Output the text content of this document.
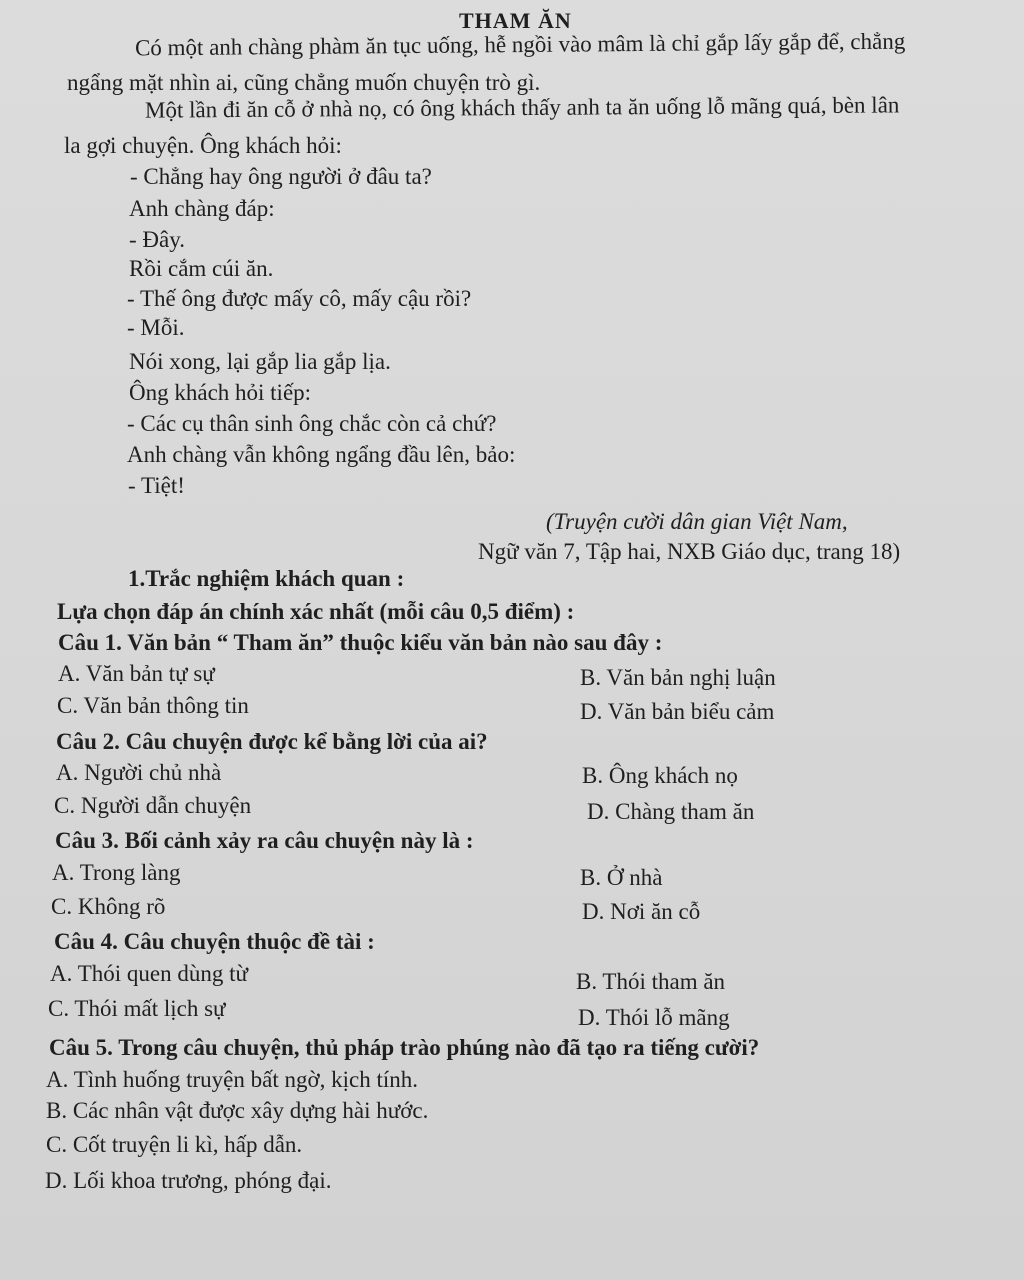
THAM ĂN
Có một anh chàng phàm ăn tục uống, hễ ngồi vào mâm là chỉ gắp lấy gắp để, chẳng
ngẩng mặt nhìn ai, cũng chẳng muốn chuyện trò gì.
Một lần đi ăn cỗ ở nhà nọ, có ông khách thấy anh ta ăn uống lỗ mãng quá, bèn lân
la gợi chuyện. Ông khách hỏi:
- Chẳng hay ông người ở đâu ta?
Anh chàng đáp:
- Đây.
Rồi cắm cúi ăn.
- Thế ông được mấy cô, mấy cậu rồi?
- Mỗi.
Nói xong, lại gắp lia gắp lịa.
Ông khách hỏi tiếp:
- Các cụ thân sinh ông chắc còn cả chứ?
Anh chàng vẫn không ngẩng đầu lên, bảo:
- Tiệt!
(Truyện cười dân gian Việt Nam,
Ngữ văn 7, Tập hai, NXB Giáo dục, trang 18)
1.Trắc nghiệm khách quan :
Lựa chọn đáp án chính xác nhất (mỗi câu 0,5 điểm) :
Câu 1. Văn bản “ Tham ăn” thuộc kiểu văn bản nào sau đây :
A. Văn bản tự sự	B. Văn bản nghị luận
C. Văn bản thông tin	D. Văn bản biểu cảm
Câu 2. Câu chuyện được kể bằng lời của ai?
A. Người chủ nhà	B. Ông khách nọ
C. Người dẫn chuyện	D. Chàng tham ăn
Câu 3. Bối cảnh xảy ra câu chuyện này là :
A. Trong làng	B. Ở nhà
C. Không rõ	D. Nơi ăn cỗ
Câu 4. Câu chuyện thuộc đề tài :
A. Thói quen dùng từ	B. Thói tham ăn
C. Thói mất lịch sự	D. Thói lỗ mãng
Câu 5. Trong câu chuyện, thủ pháp trào phúng nào đã tạo ra tiếng cười?
A. Tình huống truyện bất ngờ, kịch tính.
B. Các nhân vật được xây dựng hài hước.
C. Cốt truyện li kì, hấp dẫn.
D. Lối khoa trương, phóng đại.
